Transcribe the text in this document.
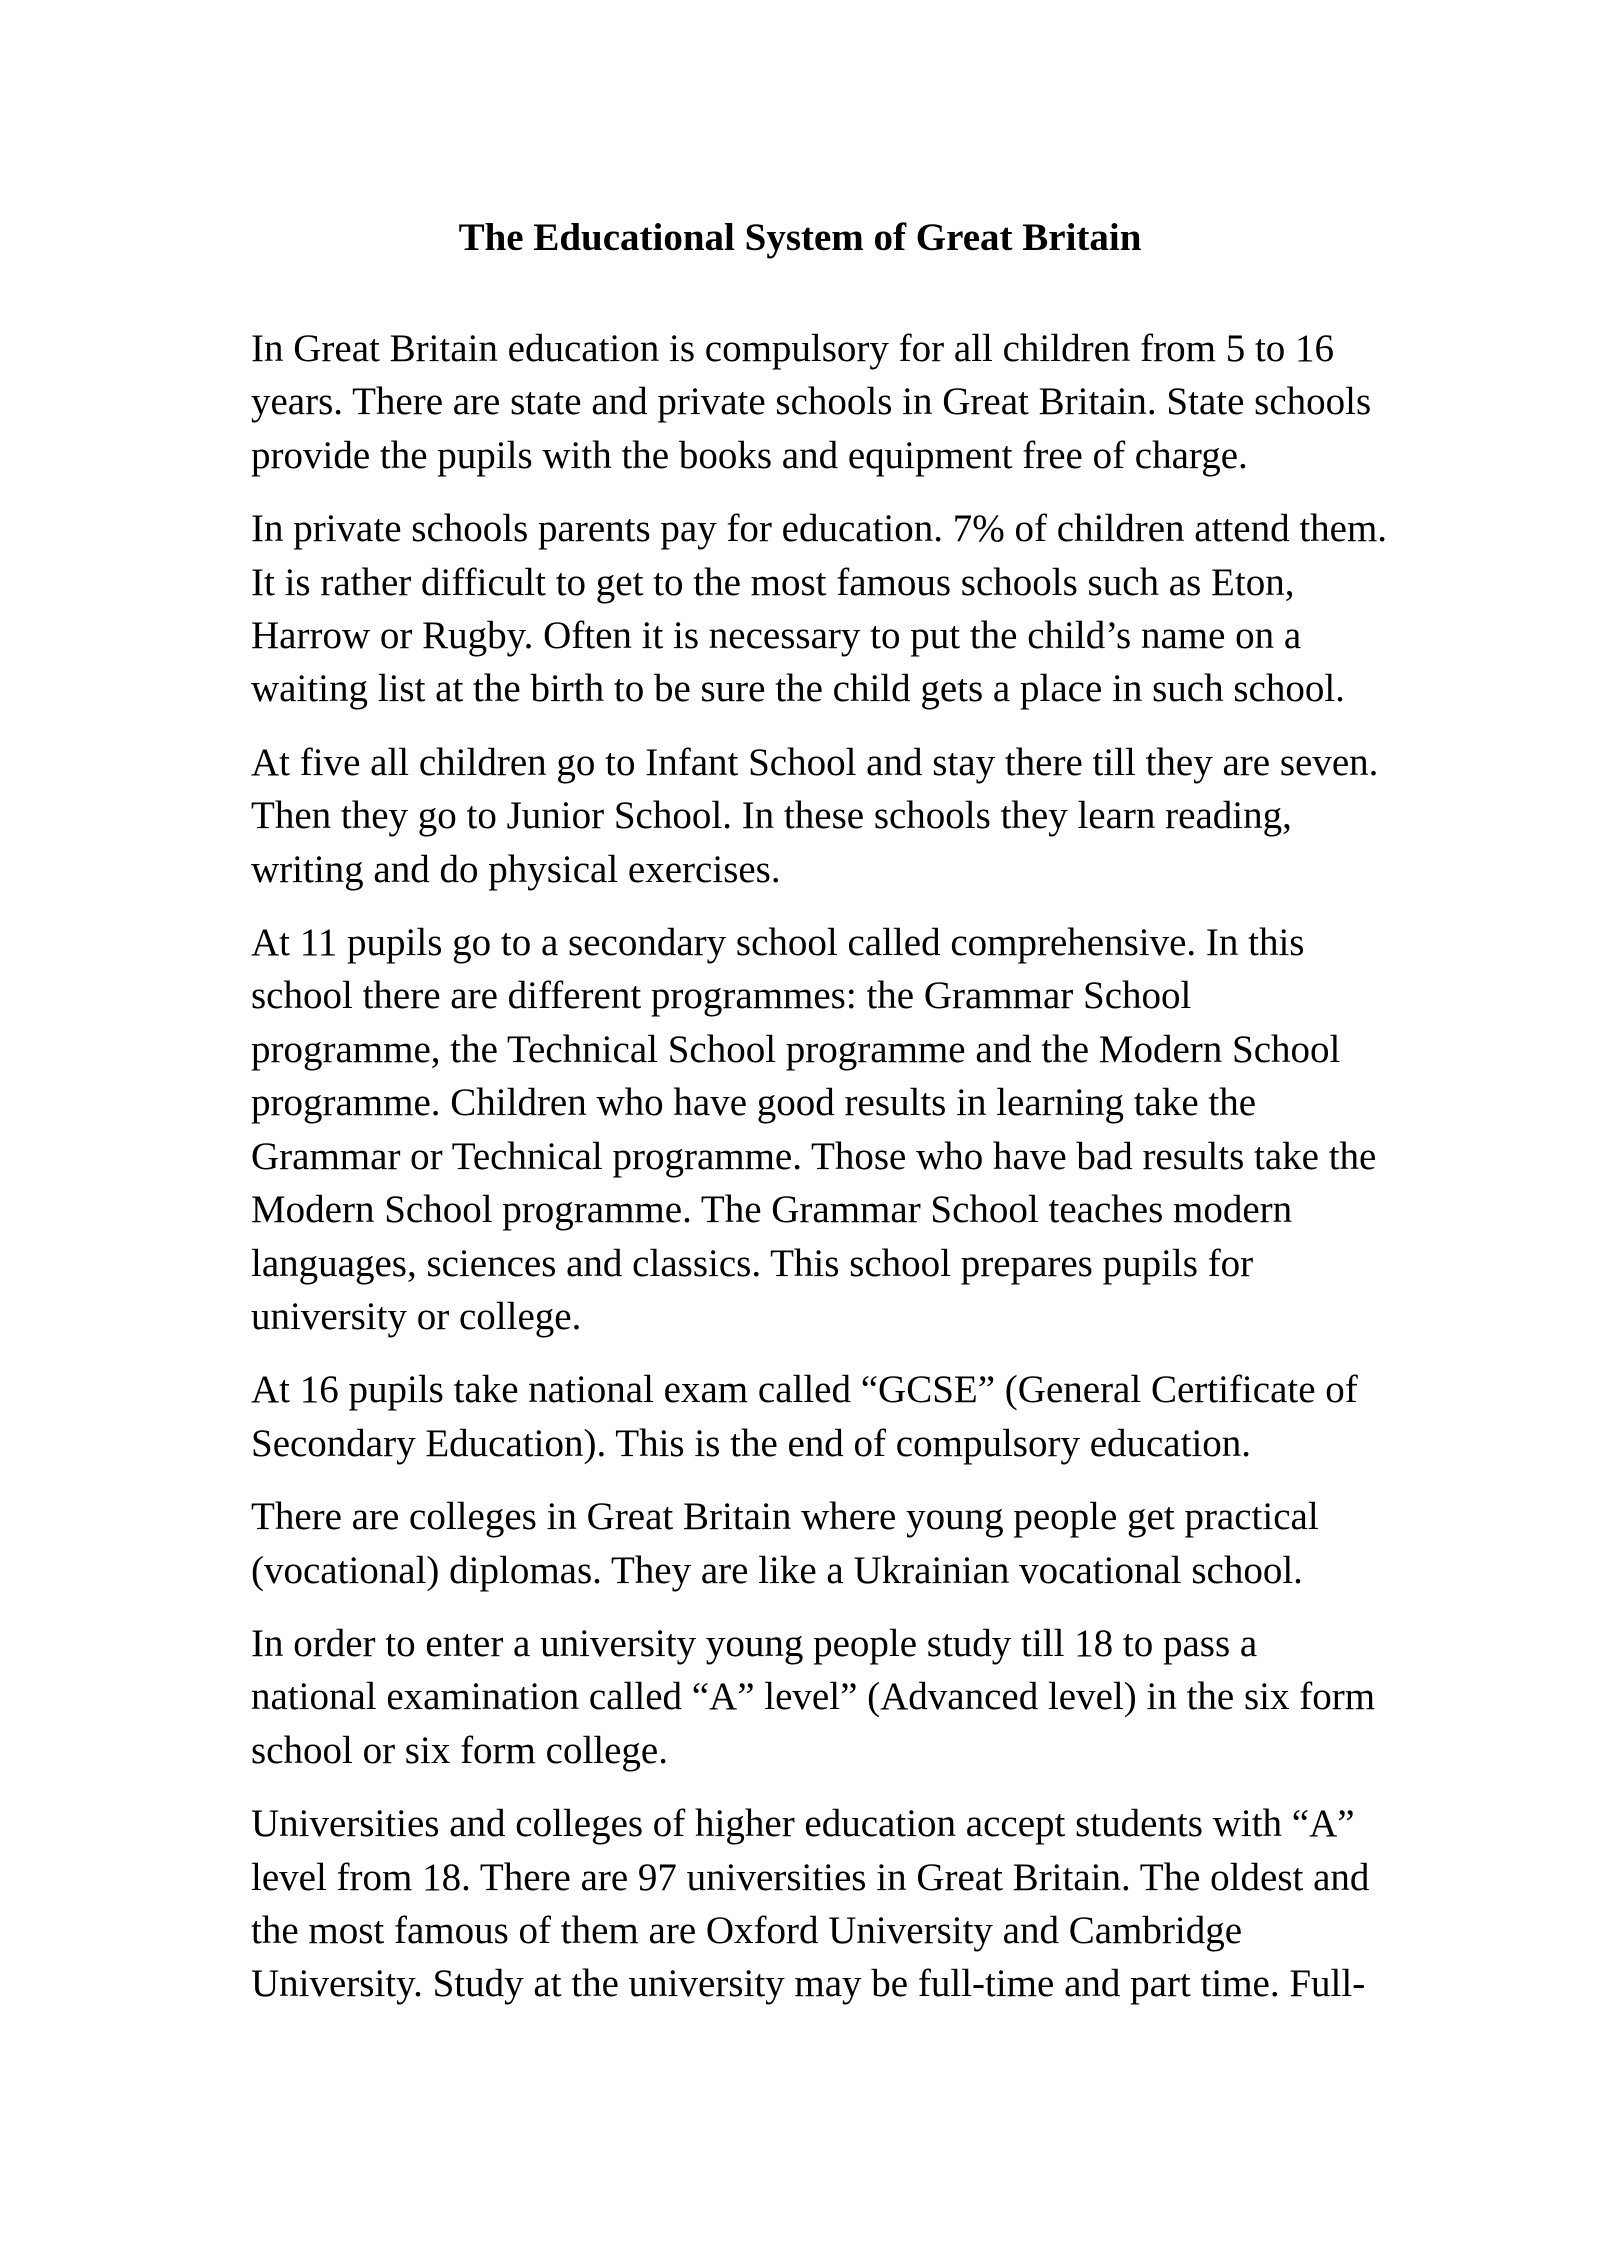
The Educational System of Great Britain

In Great Britain education is compulsory for all children from 5 to 16
years. There are state and private schools in Great Britain. State schools
provide the pupils with the books and equipment free of charge.

In private schools parents pay for education. 7% of children attend them.
It is rather difficult to get to the most famous schools such as Eton,
Harrow or Rugby. Often it is necessary to put the child’s name on a
waiting list at the birth to be sure the child gets a place in such school.

At five all children go to Infant School and stay there till they are seven.
Then they go to Junior School. In these schools they learn reading,
writing and do physical exercises.

At 11 pupils go to a secondary school called comprehensive. In this
school there are different programmes: the Grammar School
programme, the Technical School programme and the Modern School
programme. Children who have good results in learning take the
Grammar or Technical programme. Those who have bad results take the
Modern School programme. The Grammar School teaches modern
languages, sciences and classics. This school prepares pupils for
university or college.

At 16 pupils take national exam called “GCSE” (General Certificate of
Secondary Education). This is the end of compulsory education.

There are colleges in Great Britain where young people get practical
(vocational) diplomas. They are like a Ukrainian vocational school.

In order to enter a university young people study till 18 to pass a
national examination called “A” level” (Advanced level) in the six form
school or six form college.

Universities and colleges of higher education accept students with “A”
level from 18. There are 97 universities in Great Britain. The oldest and
the most famous of them are Oxford University and Cambridge
University. Study at the university may be full-time and part time. Full-
